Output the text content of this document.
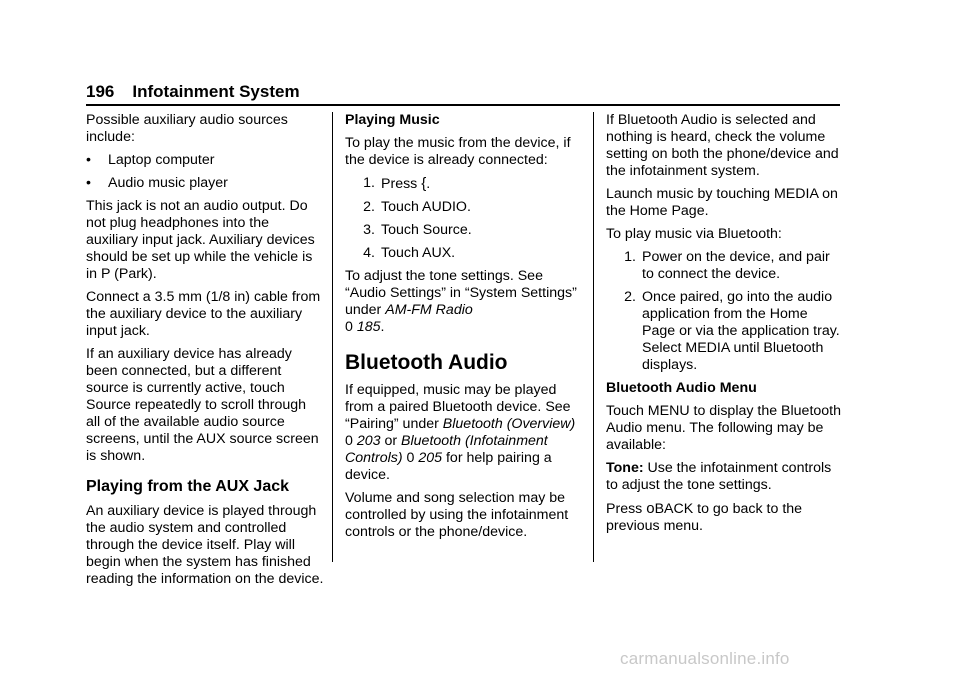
196 Infotainment System

Possible auxiliary audio sources include:

•	Laptop computer
•	Audio music player

This jack is not an audio output. Do not plug headphones into the auxiliary input jack. Auxiliary devices should be set up while the vehicle is in P (Park).

Connect a 3.5 mm (1/8 in) cable from the auxiliary device to the auxiliary input jack.

If an auxiliary device has already been connected, but a different source is currently active, touch Source repeatedly to scroll through all of the available audio source screens, until the AUX source screen is shown.

Playing from the AUX Jack

An auxiliary device is played through the audio system and controlled through the device itself. Play will begin when the system has finished reading the information on the device.

Playing Music

To play the music from the device, if the device is already connected:

1. Press {.
2. Touch AUDIO.
3. Touch Source.
4. Touch AUX.

To adjust the tone settings. See “Audio Settings” in “System Settings” under AM-FM Radio
0 185.

Bluetooth Audio

If equipped, music may be played from a paired Bluetooth device. See “Pairing” under Bluetooth (Overview) 0 203 or Bluetooth (Infotainment Controls) 0 205 for help pairing a device.

Volume and song selection may be controlled by using the infotainment controls or the phone/device.

If Bluetooth Audio is selected and nothing is heard, check the volume setting on both the phone/device and the infotainment system.

Launch music by touching MEDIA on the Home Page.

To play music via Bluetooth:

1. Power on the device, and pair to connect the device.
2. Once paired, go into the audio application from the Home Page or via the application tray. Select MEDIA until Bluetooth displays.
Bluetooth Audio Menu

Touch MENU to display the Bluetooth Audio menu. The following may be available:

Tone: Use the infotainment controls to adjust the tone settings.

Press oBACK to go back to the previous menu.

carmanualsonline.info
